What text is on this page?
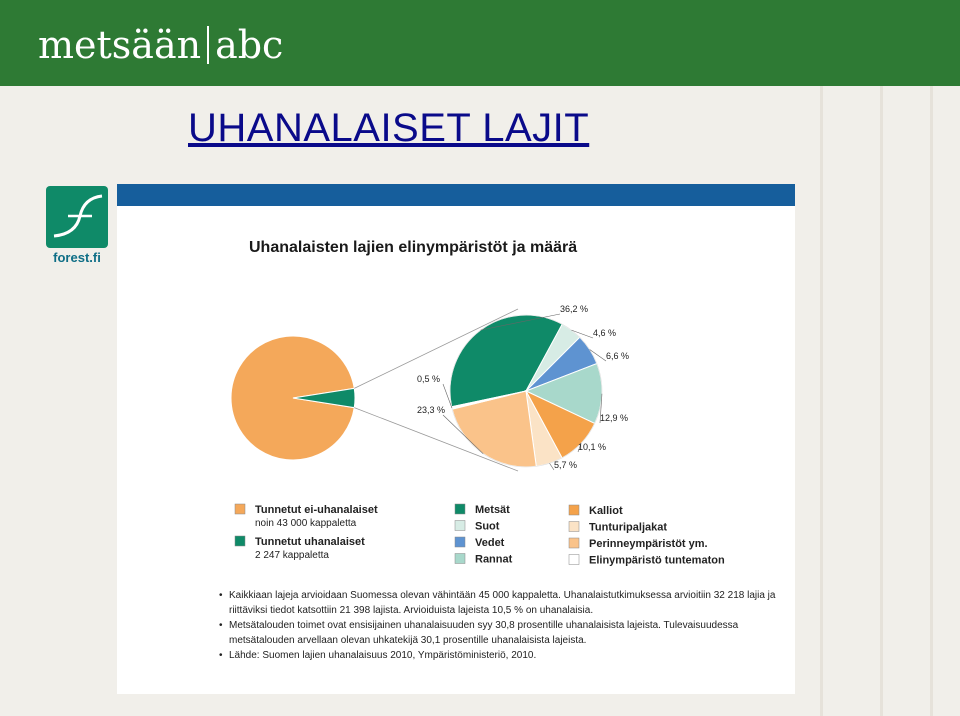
metsään abc
UHANALAISET LAJIT
Uhanalaisten lajien elinympäristöt ja määrä
36,2 %
4,6 %
6,6 %
12,9 %
10,1 %
5,7 %
23,3 %
0,5 %
Tunnetut ei-uhanalaiset
noin 43 000 kappaletta
Tunnetut uhanalaiset
2 247 kappaletta
Metsät
Suot
Vedet
Rannat
Kalliot
Tunturipaljakat
Perinneympäristöt ym.
Elinympäristö tuntematon
• Kaikkiaan lajeja arvioidaan Suomessa olevan vähintään 45 000 kappaletta. Uhanalaistutkimuksessa arvioitiin 32 218 lajia ja riittäviksi tiedot katsottiin 21 398 lajista. Arvioiduista lajeista 10,5 % on uhanalaisia.
• Metsätalouden toimet ovat ensisijainen uhanalaisuuden syy 30,8 prosentille uhanalaisista lajeista. Tulevaisuudessa metsätalouden arvellaan olevan uhkatekijä 30,1 prosentille uhanalaisista lajeista.
• Lähde: Suomen lajien uhanalaisuus 2010, Ympäristöministeriö, 2010.
forest.fi
